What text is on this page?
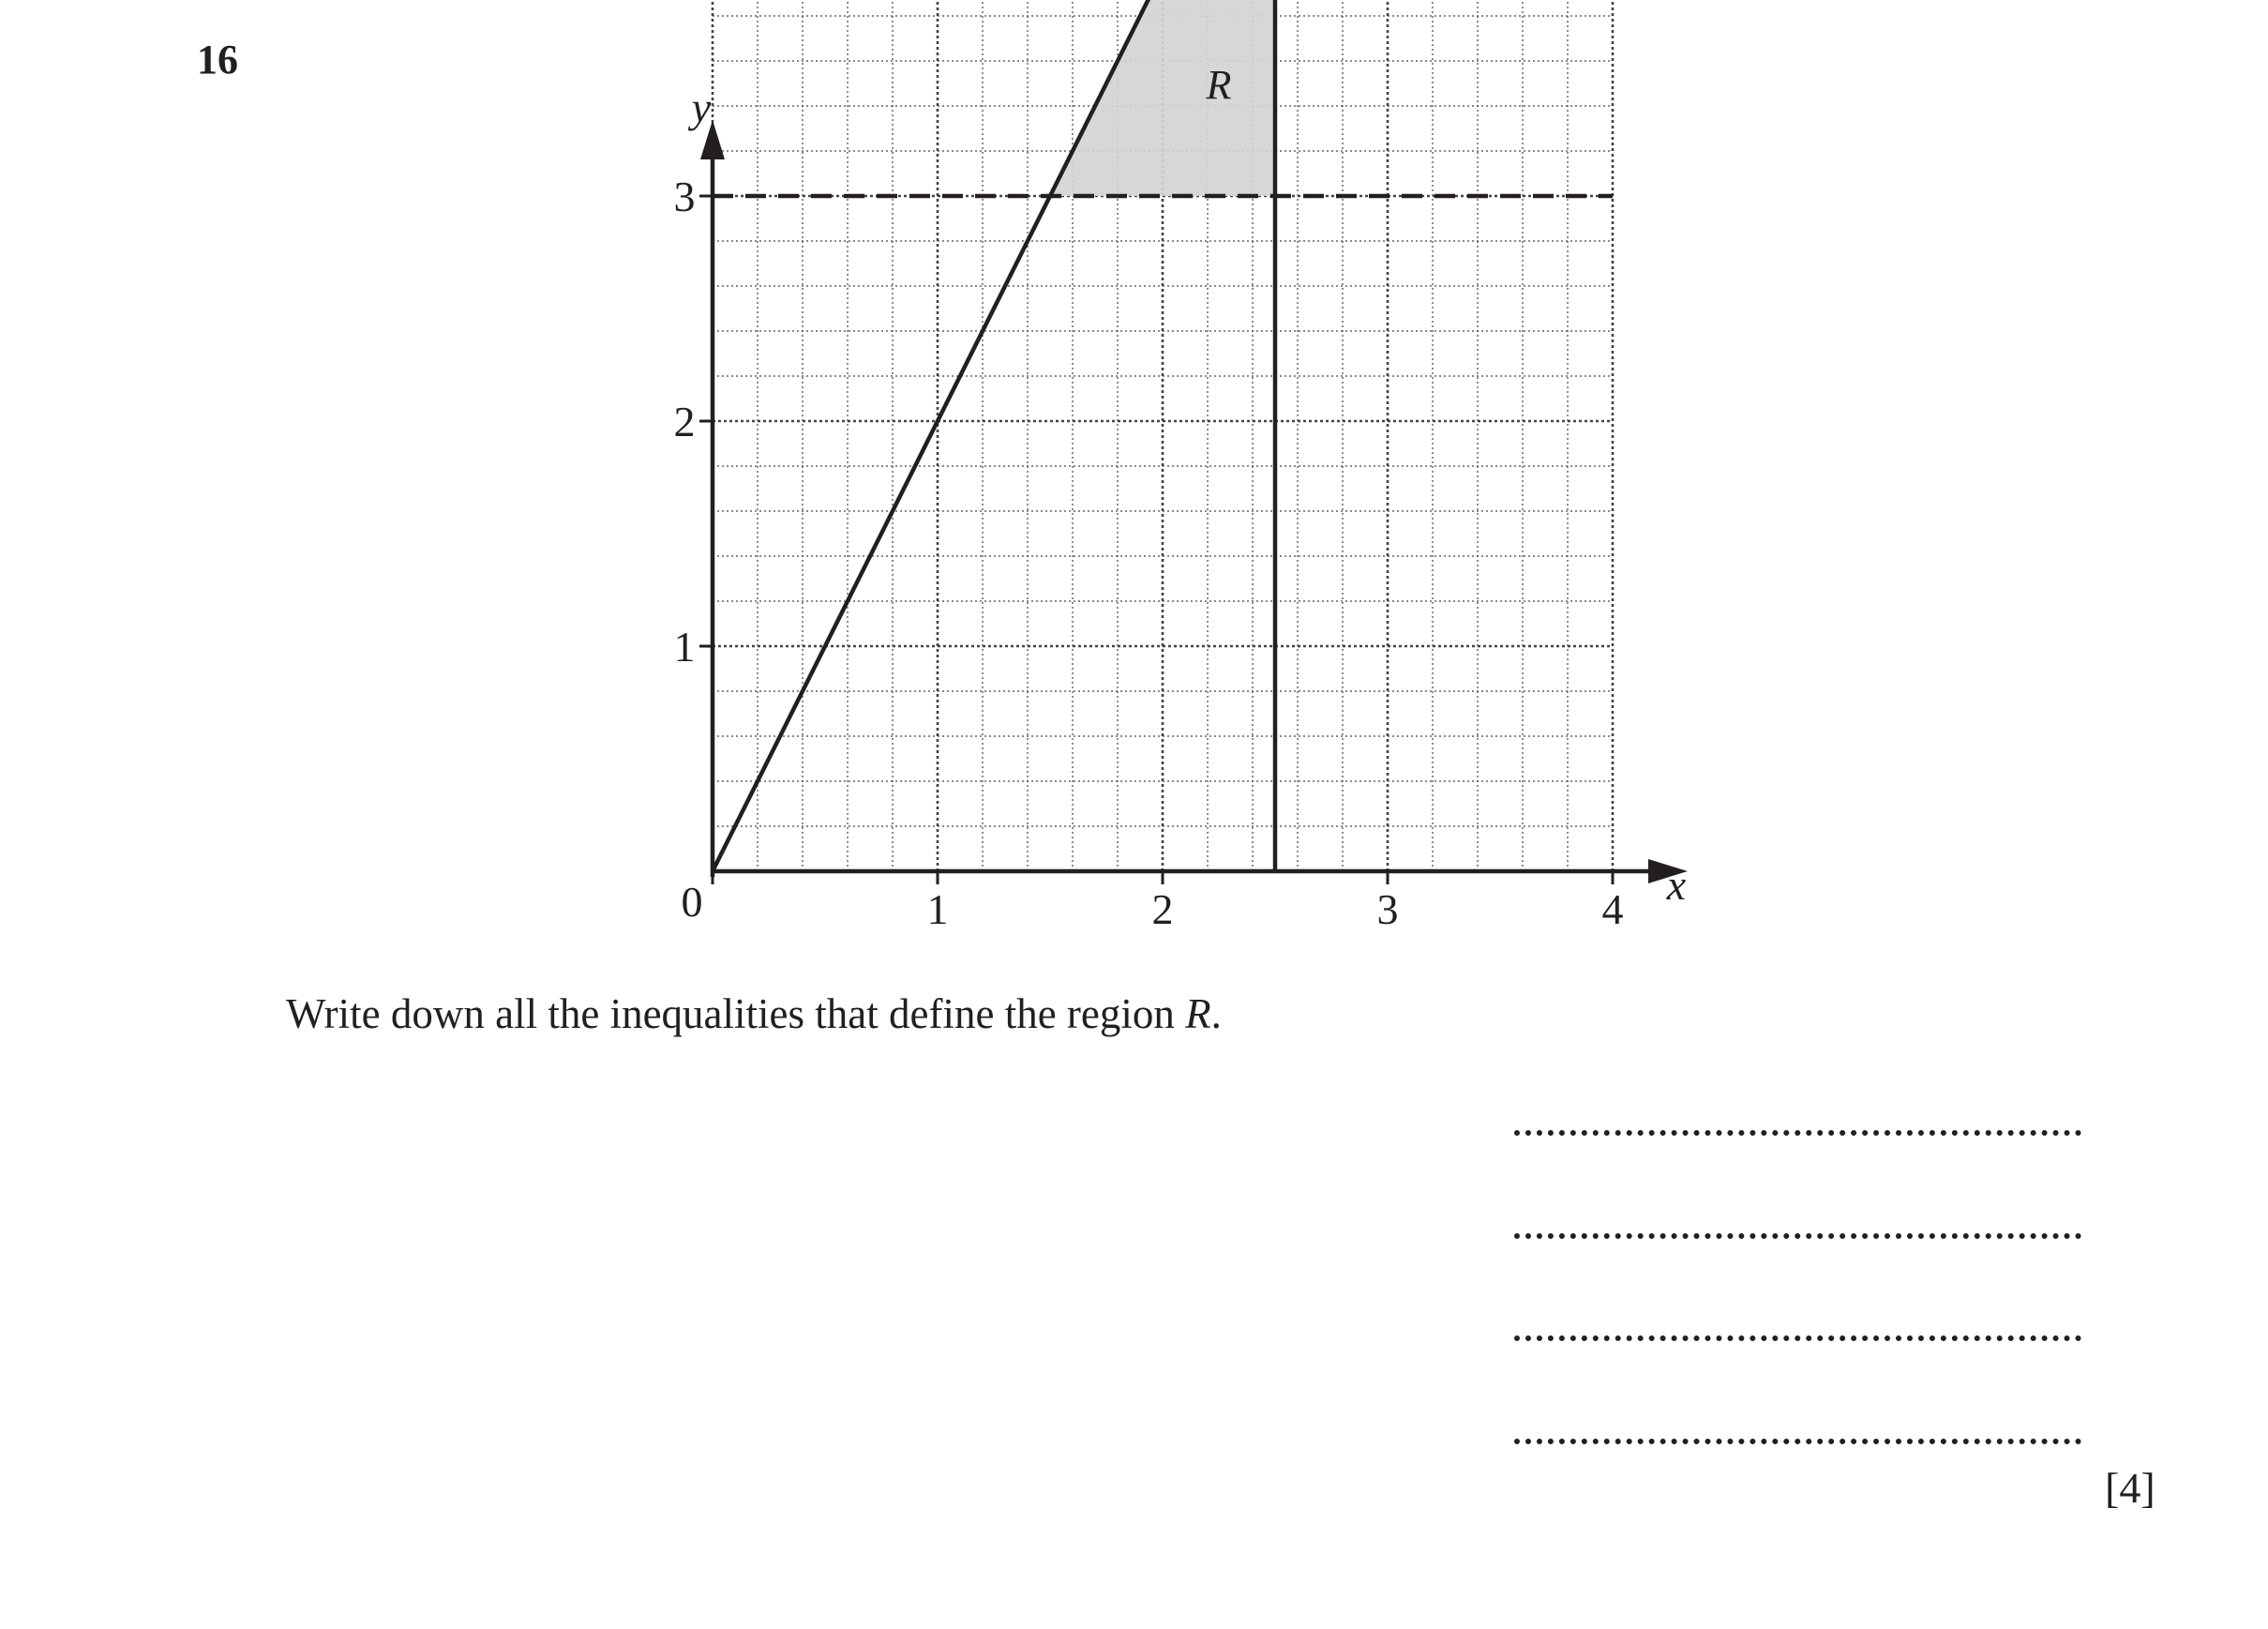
16
1	2	3	4
1
2
3
0	x
y	R
Write down all the inequalities that define the region R.
[4]
